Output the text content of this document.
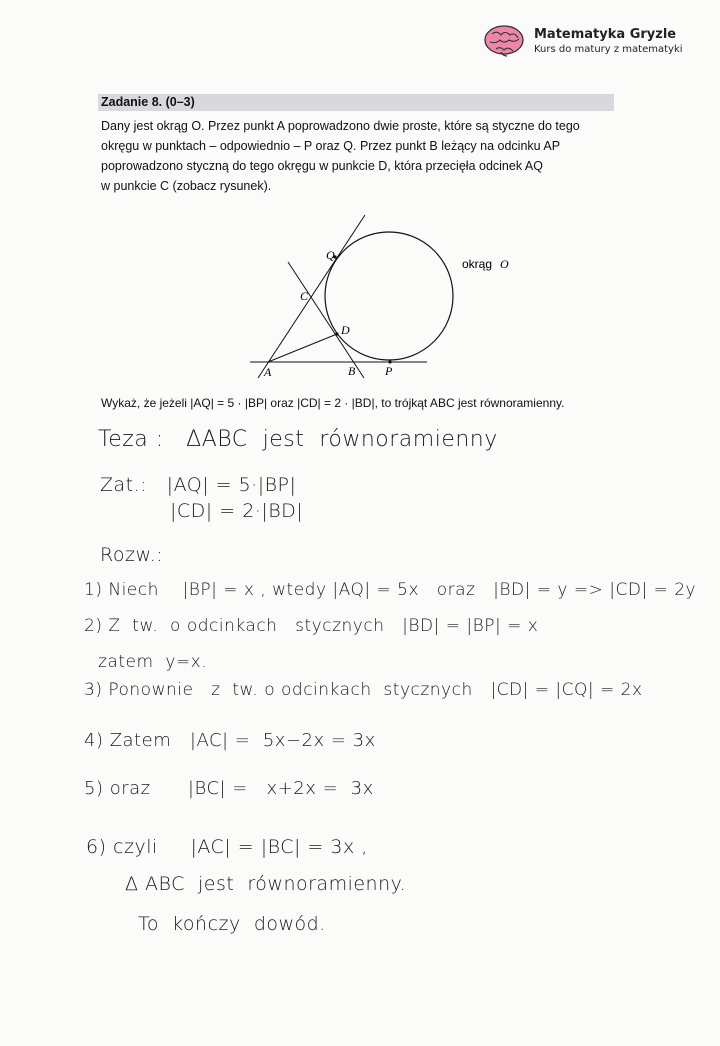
Matematyka Gryzle
Kurs do matury z matematyki
Zadanie 8. (0–3)

Dany jest okrąg O. Przez punkt A poprowadzono dwie proste, które są styczne do tego

okręgu w punktach – odpowiednio – P oraz Q. Przez punkt B leżący na odcinku AP

poprowadzono styczną do tego okręgu w punkcie D, która przecięła odcinek AQ

w punkcie C (zobacz rysunek).

Q
C
D
A	B P
okrąg O
Wykaż, że jeżeli |AQ| = 5 · |BP| oraz |CD| = 2 · |BD|, to trójkąt ABC jest równoramienny.
Teza :   ΔABC  jest  równoramienny
Zat.:   |AQ| = 5·|BP|
|CD| = 2·|BD|
Rozw.:
1) Niech    |BP| = x , wtedy |AQ| = 5x   oraz   |BD| = y => |CD| = 2y
2) Z  tw.  o odcinkach   stycznych   |BD| = |BP| = x
zatem  y=x.
3) Ponownie   z  tw. o odcinkach  stycznych   |CD| = |CQ| = 2x
4) Zatem   |AC| =  5x−2x = 3x
5) oraz      |BC| =   x+2x =  3x
6) czyli     |AC| = |BC| = 3x ,
Δ ABC  jest  równoramienny.
To  kończy  dowód.
